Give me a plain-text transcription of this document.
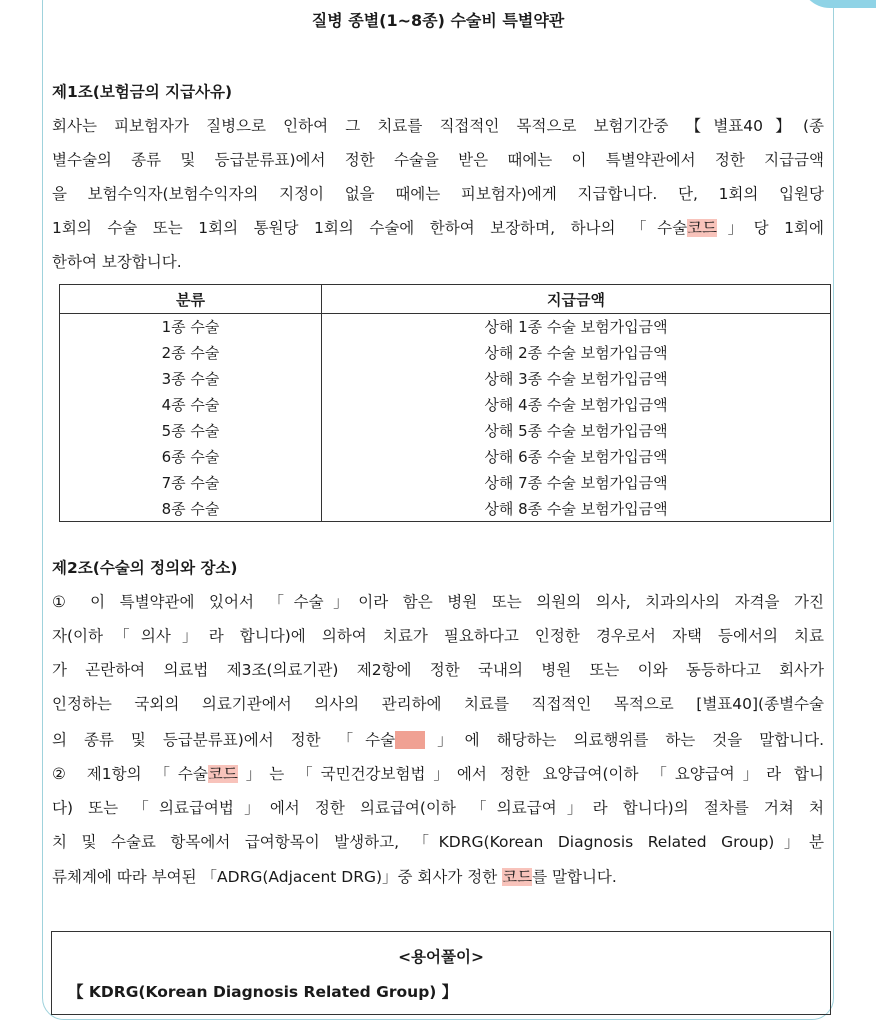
질병 종별(1~8종) 수술비 특별약관
제1조(보험금의 지급사유)
회사는 피보험자가 질병으로 인하여 그 치료를 직접적인 목적으로 보험기간중 【별표40】(종
별수술의 종류 및 등급분류표)에서 정한 수술을 받은 때에는 이 특별약관에서 정한 지급금액
을 보험수익자(보험수익자의 지정이 없을 때에는 피보험자)에게 지급합니다. 단, 1회의 입원당
1회의 수술 또는 1회의 통원당 1회의 수술에 한하여 보장하며, 하나의 「수술코드」당 1회에
한하여 보장합니다.
분류	지급금액
1종 수술	상해 1종 수술 보험가입금액
2종 수술	상해 2종 수술 보험가입금액
3종 수술	상해 3종 수술 보험가입금액
4종 수술	상해 4종 수술 보험가입금액
5종 수술	상해 5종 수술 보험가입금액
6종 수술	상해 6종 수술 보험가입금액
7종 수술	상해 7종 수술 보험가입금액
8종 수술	상해 8종 수술 보험가입금액
제2조(수술의 정의와 장소)
① 이 특별약관에 있어서 「수술」이라 함은 병원 또는 의원의 의사, 치과의사의 자격을 가진
자(이하「의사」라 합니다)에 의하여 치료가 필요하다고 인정한 경우로서 자택 등에서의 치료
가 곤란하여 의료법 제3조(의료기관) 제2항에 정한 국내의 병원 또는 이와 동등하다고 회사가
인정하는 국외의 의료기관에서 의사의 관리하에 치료를 직접적인 목적으로 [별표40](종별수술
의 종류 및 등급분류표)에서 정한 「수술코드」에 해당하는 의료행위를 하는 것을 말합니다.
② 제1항의 「수술코드」는 「국민건강보험법」에서 정한 요양급여(이하 「요양급여」라 합니
다) 또는 「의료급여법」에서 정한 의료급여(이하 「의료급여」라 합니다)의 절차를 거쳐 처
치 및 수술료 항목에서 급여항목이 발생하고, 「KDRG(Korean Diagnosis Related Group)」분
류체계에 따라 부여된 「ADRG(Adjacent DRG)」중 회사가 정한 코드를 말합니다.
<용어풀이>
【 KDRG(Korean Diagnosis Related Group) 】
